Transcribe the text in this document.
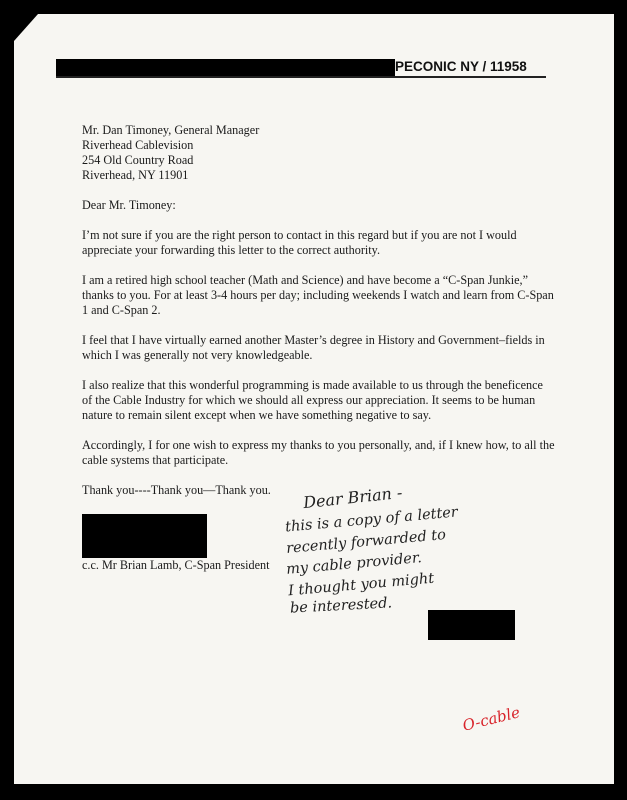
PECONIC NY / 11958
Mr. Dan Timoney, General Manager
Riverhead Cablevision
254 Old Country Road
Riverhead, NY 11901
Dear Mr. Timoney:
I’m not sure if you are the right person to contact in this regard but if you are not I would
appreciate your forwarding this letter to the correct authority.
I am a retired high school teacher (Math and Science) and have become a “C-Span Junkie,”
thanks to you. For at least 3-4 hours per day; including weekends I watch and learn from C-Span
1 and C-Span 2.
I feel that I have virtually earned another Master’s degree in History and Government–fields in
which I was generally not very knowledgeable.
I also realize that this wonderful programming is made available to us through the beneficence
of the Cable Industry for which we should all express our appreciation. It seems to be human
nature to remain silent except when we have something negative to say.
Accordingly, I for one wish to express my thanks to you personally, and, if I knew how, to all the
cable systems that participate.
Thank you----Thank you—Thank you.
c.c. Mr Brian Lamb, C-Span President
Dear Brian -
this is a copy of a letter
recently forwarded to
my cable provider.
I thought you might
be interested.
O-cable
